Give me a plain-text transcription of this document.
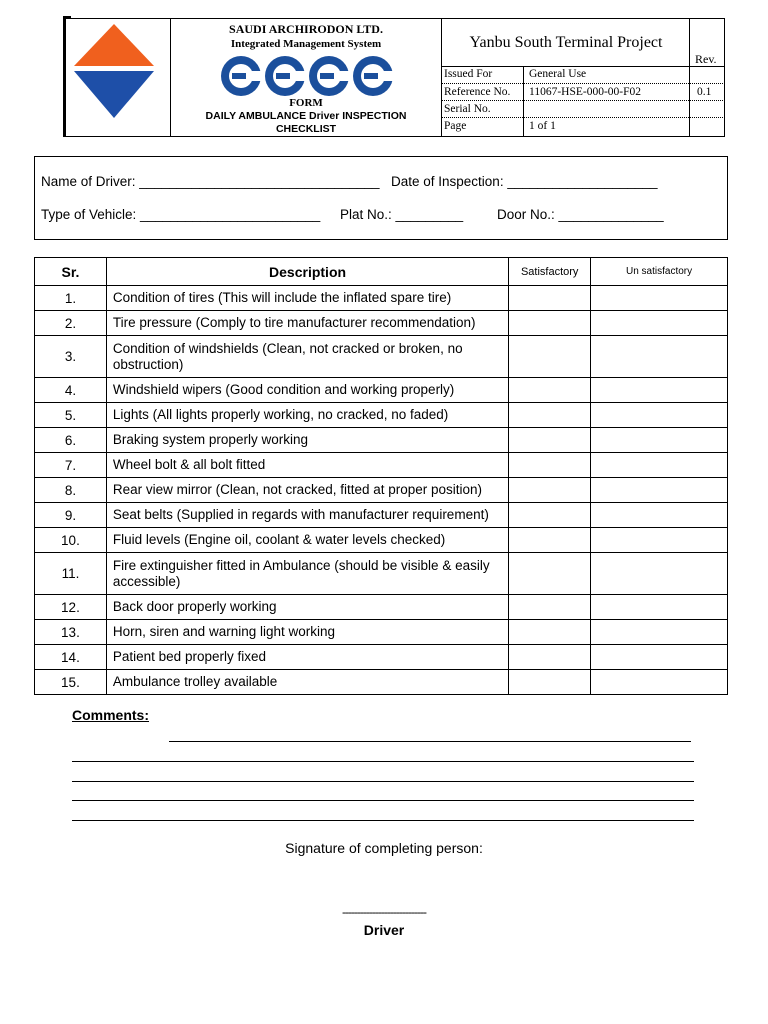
SAUDI ARCHIRODON LTD.
Integrated Management System
FORM
DAILY AMBULANCE Driver INSPECTION
CHECKLIST
Yanbu South Terminal Project
Rev.
Issued For	General Use
Reference No. 11067-HSE-000-00-F02	0.1
Serial No.
Page	1 of 1
Name of Driver: ________________________________ Date of Inspection: ____________________
Type of Vehicle: ________________________ Plat No.: _________	Door No.: ______________
Sr.	Description	Satisfactory	Un satisfactory
1.	Condition of tires (This will include the inflated spare tire)		
2.	Tire pressure (Comply to tire manufacturer recommendation)		
3.	Condition of windshields (Clean, not cracked or broken, no obstruction)		
4.	Windshield wipers (Good condition and working properly)		
5.	Lights (All lights properly working, no cracked, no faded)		
6.	Braking system properly working		
7.	Wheel bolt & all bolt fitted		
8.	Rear view mirror (Clean, not cracked, fitted at proper position)		
9.	Seat belts (Supplied in regards with manufacturer requirement)		
10.	Fluid levels (Engine oil, coolant & water levels checked)		
11.	Fire extinguisher fitted in Ambulance (should be visible & easily accessible)		
12.	Back door properly working		
13.	Horn, siren and warning light working		
14.	Patient bed properly fixed		
15.	Ambulance trolley available		
Comments:
Signature of completing person:
----------------------------
Driver
